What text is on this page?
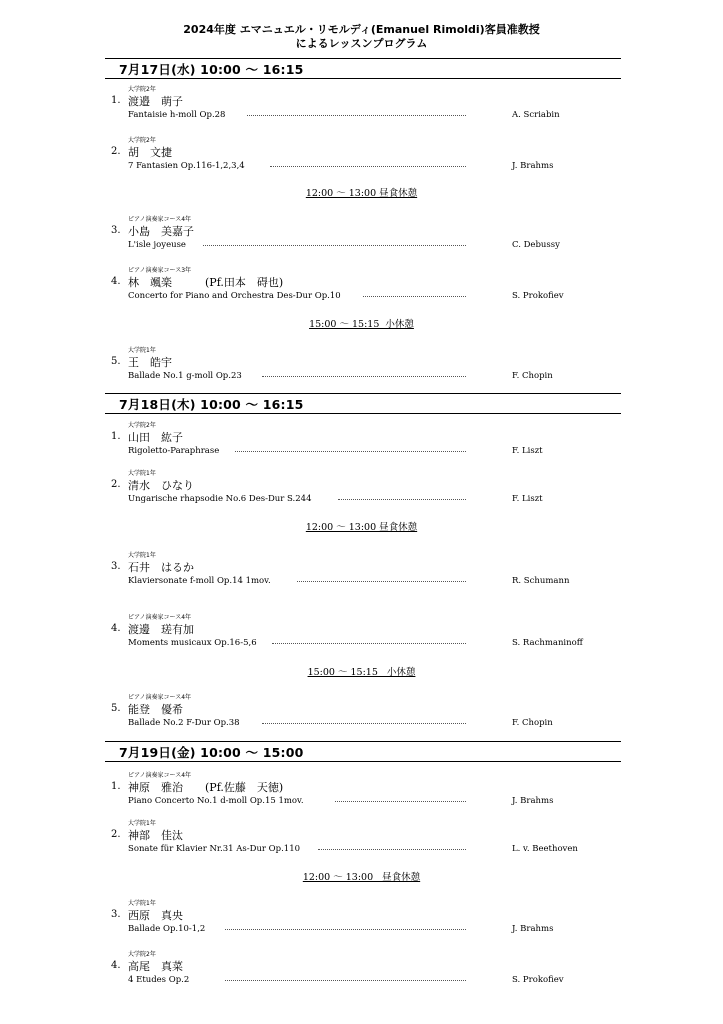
2024年度 エマニュエル・リモルディ(Emanuel Rimoldi)客員准教授
によるレッスンプログラム
7月17日(水) 10:00 ～ 16:15
大学院2年
1. 渡邉　萌子
Fantaisie h-moll Op.28	A. Scriabin
大学院2年
2. 胡　文捷
7 Fantasien Op.116-1,2,3,4	J. Brahms
12:00 ～ 13:00 昼食休憩
ピアノ演奏家コース4年
3. 小島　美嘉子
L'isle joyeuse	C. Debussy
ピアノ演奏家コース3年
4. 林　颯楽　　　(Pf.田本　碍也)
Concerto for Piano and Orchestra Des-Dur Op.10	S. Prokofiev
15:00 ～ 15:15  小休憩
大学院1年
5. 王　皓宇
Ballade No.1 g-moll Op.23	F. Chopin
7月18日(木) 10:00 ～ 16:15
大学院2年
1. 山田　紘子
Rigoletto-Paraphrase	F. Liszt
大学院1年
2. 清水　ひなり
Ungarische rhapsodie No.6 Des-Dur S.244	F. Liszt
12:00 ～ 13:00 昼食休憩
大学院1年
3. 石井　はるか
Klaviersonate f-moll Op.14 1mov.	R. Schumann
ピアノ演奏家コース4年
4. 渡邊　瑳有加
Moments musicaux Op.16-5,6	S. Rachmaninoff
15:00 ～ 15:15   小休憩
ピアノ演奏家コース4年
5. 能登　優希
Ballade No.2 F-Dur Op.38	F. Chopin
7月19日(金) 10:00 ～ 15:00
ピアノ演奏家コース4年
1. 神原　雅治　　(Pf.佐藤　天徳)
Piano Concerto No.1 d-moll Op.15 1mov.	J. Brahms
大学院1年
2. 神部　佳汰
Sonate für Klavier Nr.31 As-Dur Op.110	L. v. Beethoven
12:00 ～ 13:00   昼食休憩
大学院1年
3. 西原　真央
Ballade Op.10-1,2	J. Brahms
大学院2年
4. 高尾　真菜
4 Etudes Op.2	S. Prokofiev
